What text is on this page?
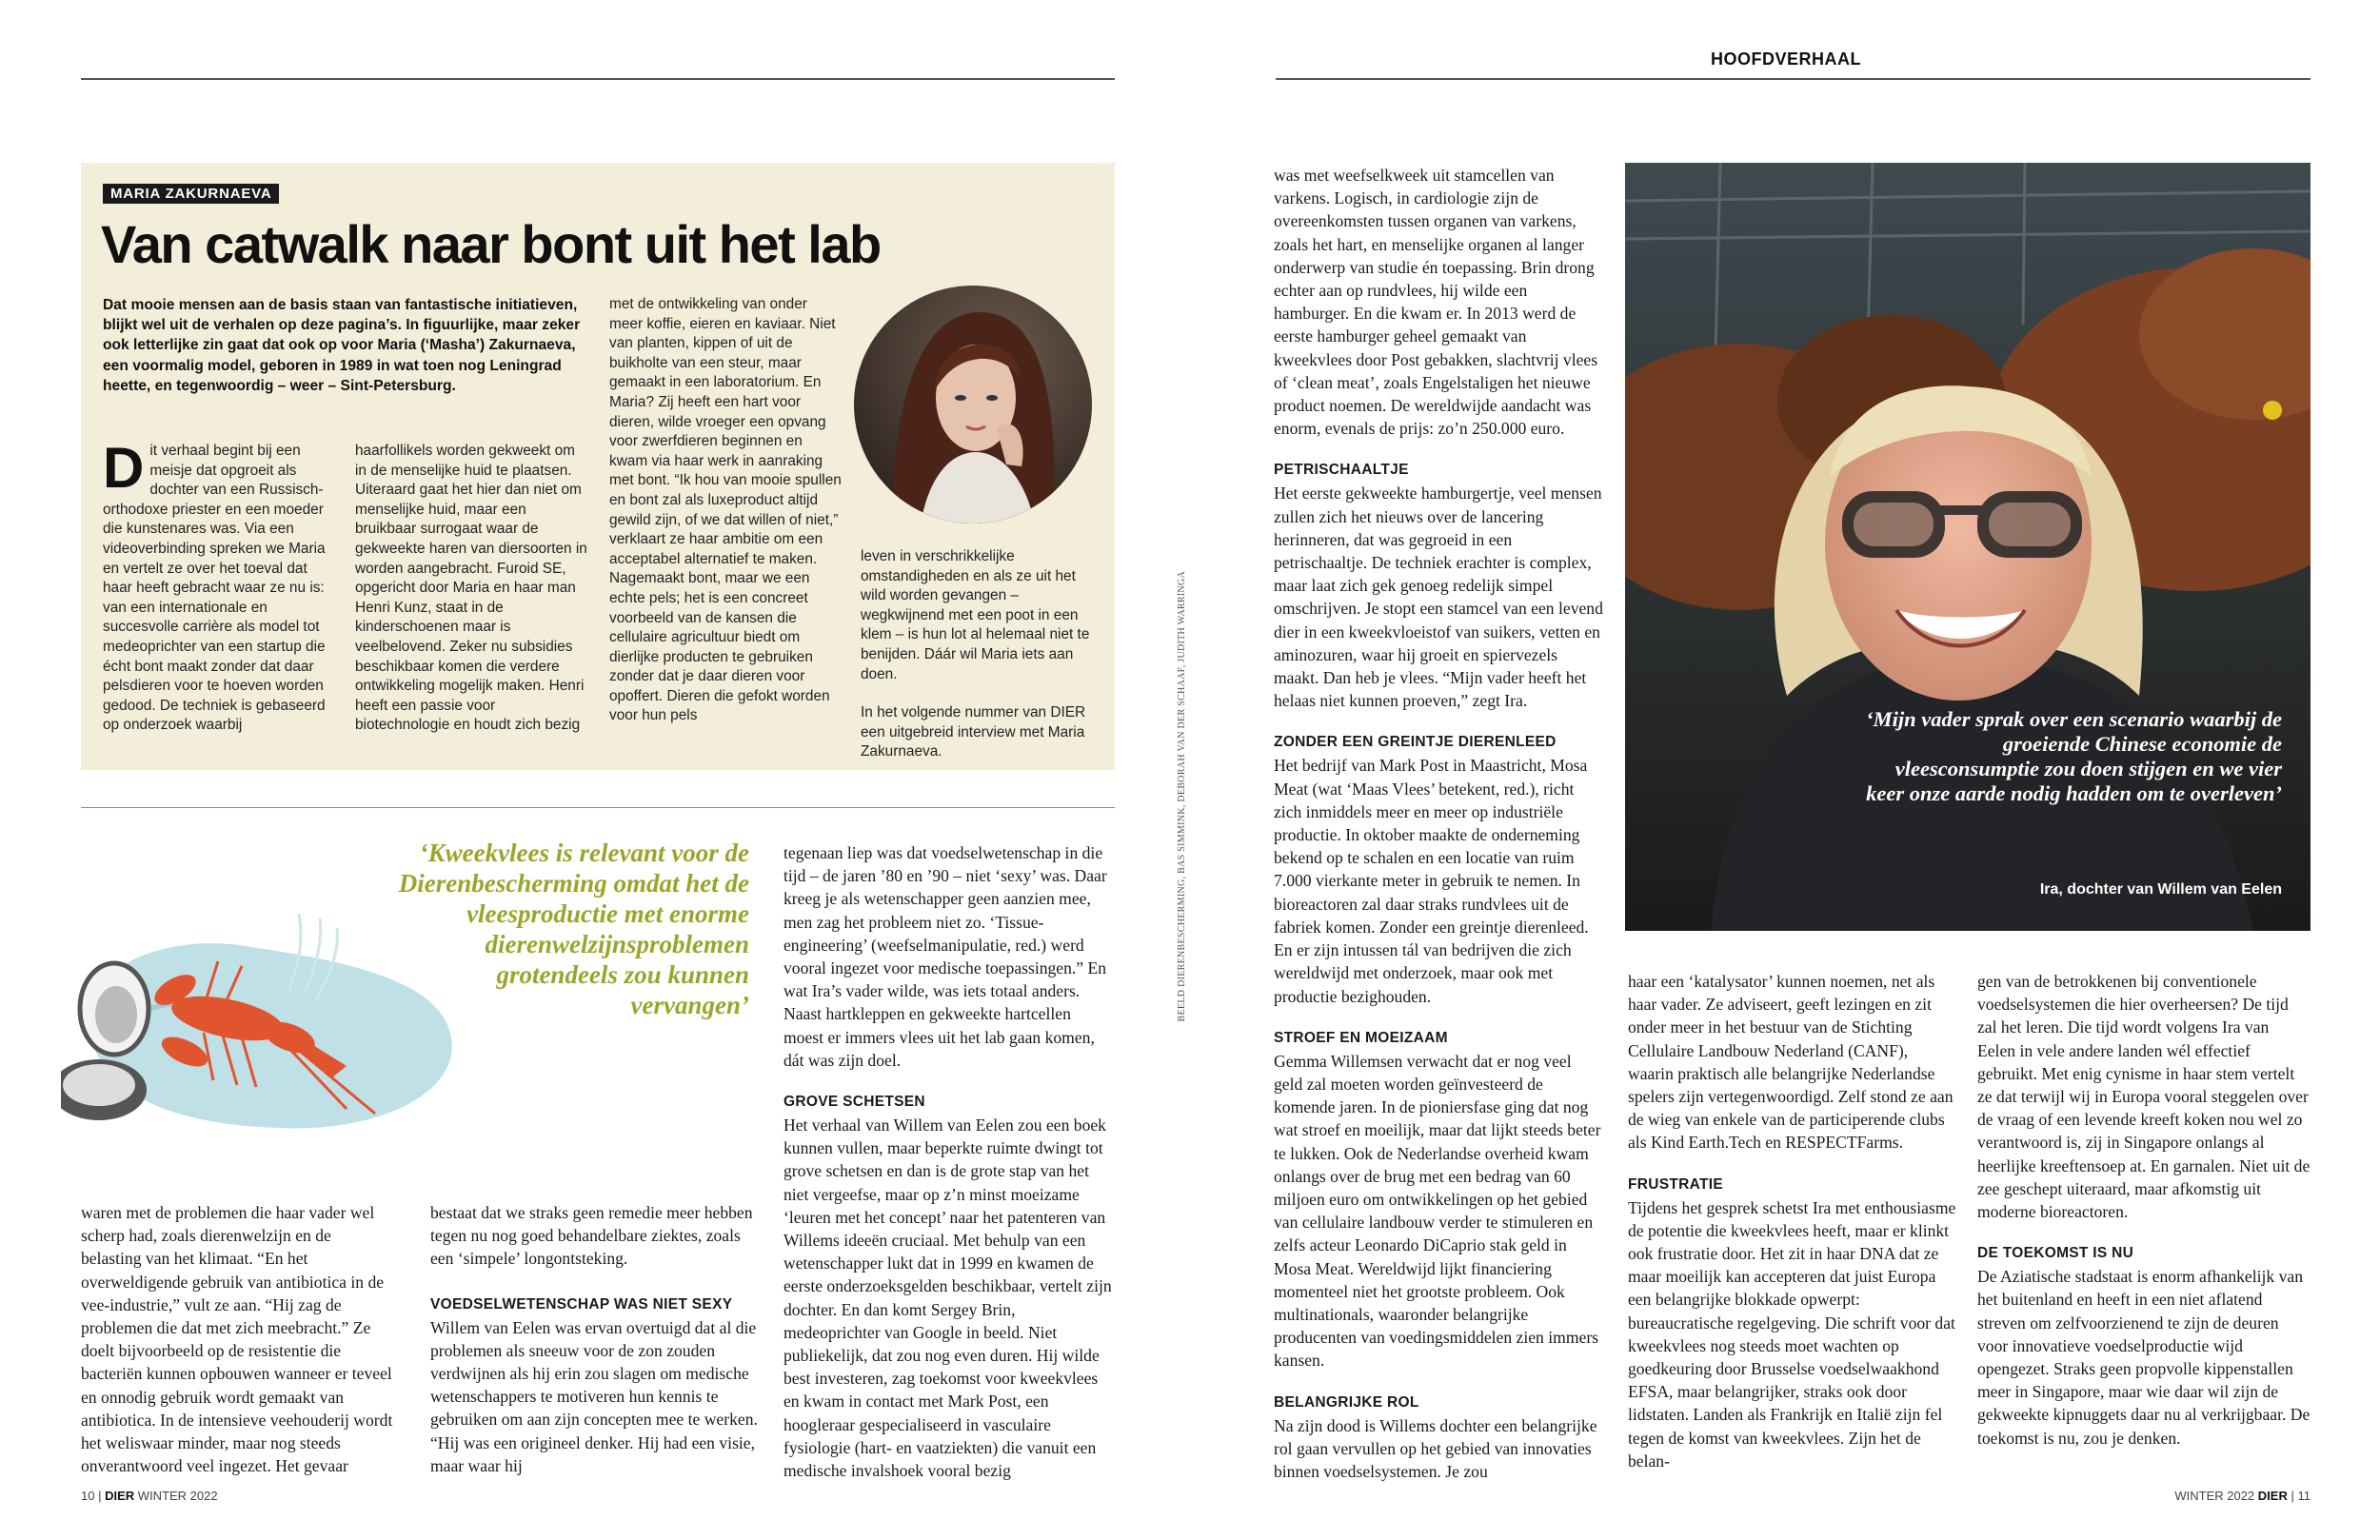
HOOFDVERHAAL
MARIA ZAKURNAEVA
Van catwalk naar bont uit het lab

Dat mooie mensen aan de basis staan van fantastische initiatieven, blijkt wel uit de verhalen op deze pagina’s. In figuurlijke, maar zeker ook letterlijke zin gaat dat ook op voor Maria (‘Masha’) Zakurnaeva, een voormalig model, geboren in 1989 in wat toen nog Leningrad heette, en tegenwoordig – weer – Sint-Petersburg.

Dit verhaal begint bij een meisje dat opgroeit als dochter van een Russisch-orthodoxe priester en een moeder die kunstenares was. Via een videoverbinding spreken we Maria en vertelt ze over het toeval dat haar heeft gebracht waar ze nu is: van een internationale en succesvolle carrière als model tot medeoprichter van een startup die écht bont maakt zonder dat daar pelsdieren voor te hoeven worden gedood. De techniek is gebaseerd op onderzoek waarbij
haarfollikels worden gekweekt om in de menselijke huid te plaatsen. Uiteraard gaat het hier dan niet om menselijke huid, maar een bruikbaar surrogaat waar de gekweekte haren van diersoorten in worden aangebracht. Furoid SE, opgericht door Maria en haar man Henri Kunz, staat in de kinderschoenen maar is veelbelovend. Zeker nu subsidies beschikbaar komen die verdere ontwikkeling mogelijk maken. Henri heeft een passie voor biotechnologie en houdt zich bezig
met de ontwikkeling van onder meer koffie, eieren en kaviaar. Niet van planten, kippen of uit de buikholte van een steur, maar gemaakt in een laboratorium. En Maria? Zij heeft een hart voor dieren, wilde vroeger een opvang voor zwerfdieren beginnen en kwam via haar werk in aanraking met bont. “Ik hou van mooie spullen en bont zal als luxeproduct altijd gewild zijn, of we dat willen of niet,” verklaart ze haar ambitie om een acceptabel alternatief te maken. Nagemaakt bont, maar we een echte pels; het is een concreet voorbeeld van de kansen die cellulaire agricultuur biedt om dierlijke producten te gebruiken zonder dat je daar dieren voor opoffert. Dieren die gefokt worden voor hun pels

leven in verschrikkelijke omstandigheden en als ze uit het wild worden gevangen – wegkwijnend met een poot in een klem – is hun lot al helemaal niet te benijden. Dáár wil Maria iets aan doen.

In het volgende nummer van DIER een uitgebreid interview met Maria Zakurnaeva.

‘Kweekvlees is relevant voor de Dierenbescherming omdat het de vleesproductie met enorme dierenwelzijnsproblemen grotendeels zou kunnen vervangen’

waren met de problemen die haar vader wel scherp had, zoals dierenwelzijn en de belasting van het klimaat. “En het overweldigende gebruik van antibiotica in de vee-industrie,” vult ze aan. “Hij zag de problemen die dat met zich meebracht.” Ze doelt bijvoorbeeld op de resistentie die bacteriën kunnen opbouwen wanneer er teveel en onnodig gebruik wordt gemaakt van antibiotica. In de intensieve veehouderij wordt het weliswaar minder, maar nog steeds onverantwoord veel ingezet. Het gevaar

bestaat dat we straks geen remedie meer hebben tegen nu nog goed behandelbare ziektes, zoals een ‘simpele’ longontsteking.

VOEDSELWETENSCHAP WAS NIET SEXY

Willem van Eelen was ervan overtuigd dat al die problemen als sneeuw voor de zon zouden verdwijnen als hij erin zou slagen om medische wetenschappers te motiveren hun kennis te gebruiken om aan zijn concepten mee te werken. “Hij was een origineel denker. Hij had een visie, maar waar hij

tegenaan liep was dat voedselwetenschap in die tijd – de jaren ’80 en ’90 – niet ‘sexy’ was. Daar kreeg je als wetenschapper geen aanzien mee, men zag het probleem niet zo. ‘Tissue-engineering’ (weefselmanipulatie, red.) werd vooral ingezet voor medische toepassingen.” En wat Ira’s vader wilde, was iets totaal anders. Naast hartkleppen en gekweekte hartcellen moest er immers vlees uit het lab gaan komen, dát was zijn doel.

GROVE SCHETSEN

Het verhaal van Willem van Eelen zou een boek kunnen vullen, maar beperkte ruimte dwingt tot grove schetsen en dan is de grote stap van het niet vergeefse, maar op z’n minst moeizame ‘leuren met het concept’ naar het patenteren van Willems ideeën cruciaal. Met behulp van een wetenschapper lukt dat in 1999 en kwamen de eerste onderzoeksgelden beschikbaar, vertelt zijn dochter. En dan komt Sergey Brin, medeoprichter van Google in beeld. Niet publiekelijk, dat zou nog even duren. Hij wilde best investeren, zag toekomst voor kweekvlees en kwam in contact met Mark Post, een hoogleraar gespecialiseerd in vasculaire fysiologie (hart- en vaatziekten) die vanuit een medische invalshoek vooral bezig

BEELD DIERENBESCHERMING, BAS SIMMINK, DEBORAH VAN DER SCHAAF, JUDITH WARRINGA

was met weefselkweek uit stamcellen van varkens. Logisch, in cardiologie zijn de overeenkomsten tussen organen van varkens, zoals het hart, en menselijke organen al langer onderwerp van studie én toepassing. Brin drong echter aan op rundvlees, hij wilde een hamburger. En die kwam er. In 2013 werd de eerste hamburger geheel gemaakt van kweekvlees door Post gebakken, slachtvrij vlees of ‘clean meat’, zoals Engelstaligen het nieuwe product noemen. De wereldwijde aandacht was enorm, evenals de prijs: zo’n 250.000 euro.

PETRISCHAALTJE

Het eerste gekweekte hamburgertje, veel mensen zullen zich het nieuws over de lancering herinneren, dat was gegroeid in een petrischaaltje. De techniek erachter is complex, maar laat zich gek genoeg redelijk simpel omschrijven. Je stopt een stamcel van een levend dier in een kweekvloeistof van suikers, vetten en aminozuren, waar hij groeit en spiervezels maakt. Dan heb je vlees. “Mijn vader heeft het helaas niet kunnen proeven,” zegt Ira.

ZONDER EEN GREINTJE DIERENLEED

Het bedrijf van Mark Post in Maastricht, Mosa Meat (wat ‘Maas Vlees’ betekent, red.), richt zich inmiddels meer en meer op industriële productie. In oktober maakte de onderneming bekend op te schalen en een locatie van ruim 7.000 vierkante meter in gebruik te nemen. In bioreactoren zal daar straks rundvlees uit de fabriek komen. Zonder een greintje dierenleed. En er zijn intussen tál van bedrijven die zich wereldwijd met onderzoek, maar ook met productie bezighouden.

STROEF EN MOEIZAAM

Gemma Willemsen verwacht dat er nog veel geld zal moeten worden geïnvesteerd de komende jaren. In de pioniersfase ging dat nog wat stroef en moeilijk, maar dat lijkt steeds beter te lukken. Ook de Nederlandse overheid kwam onlangs over de brug met een bedrag van 60 miljoen euro om ontwikkelingen op het gebied van cellulaire landbouw verder te stimuleren en zelfs acteur Leonardo DiCaprio stak geld in Mosa Meat. Wereldwijd lijkt financiering momenteel niet het grootste probleem. Ook multinationals, waaronder belangrijke producenten van voedingsmiddelen zien immers kansen.

BELANGRIJKE ROL

Na zijn dood is Willems dochter een belangrijke rol gaan vervullen op het gebied van innovaties binnen voedselsystemen. Je zou

‘Mijn vader sprak over een scenario waarbij de groeiende Chinese economie de vleesconsumptie zou doen stijgen en we vier keer onze aarde nodig hadden om te overleven’

Ira, dochter van Willem van Eelen

haar een ‘katalysator’ kunnen noemen, net als haar vader. Ze adviseert, geeft lezingen en zit onder meer in het bestuur van de Stichting Cellulaire Landbouw Nederland (CANF), waarin praktisch alle belangrijke Nederlandse spelers zijn vertegenwoordigd. Zelf stond ze aan de wieg van enkele van de participerende clubs als Kind Earth.Tech en RESPECTFarms.

FRUSTRATIE

Tijdens het gesprek schetst Ira met enthousiasme de potentie die kweekvlees heeft, maar er klinkt ook frustratie door. Het zit in haar DNA dat ze maar moeilijk kan accepteren dat juist Europa een belangrijke blokkade opwerpt: bureaucratische regelgeving. Die schrift voor dat kweekvlees nog steeds moet wachten op goedkeuring door Brusselse voedselwaakhond EFSA, maar belangrijker, straks ook door lidstaten. Landen als Frankrijk en Italië zijn fel tegen de komst van kweekvlees. Zijn het de belan-

gen van de betrokkenen bij conventionele voedselsystemen die hier overheersen? De tijd zal het leren. Die tijd wordt volgens Ira van Eelen in vele andere landen wél effectief gebruikt. Met enig cynisme in haar stem vertelt ze dat terwijl wij in Europa vooral steggelen over de vraag of een levende kreeft koken nou wel zo verantwoord is, zij in Singapore onlangs al heerlijke kreeftensoep at. En garnalen. Niet uit de zee geschept uiteraard, maar afkomstig uit moderne bioreactoren.

DE TOEKOMST IS NU

De Aziatische stadstaat is enorm afhankelijk van het buitenland en heeft in een niet aflatend streven om zelfvoorzienend te zijn de deuren voor innovatieve voedselproductie wijd opengezet. Straks geen propvolle kippenstallen meer in Singapore, maar wie daar wil zijn de gekweekte kipnuggets daar nu al verkrijgbaar. De toekomst is nu, zou je denken.

10 | DIER WINTER 2022	WINTER 2022 DIER | 11
